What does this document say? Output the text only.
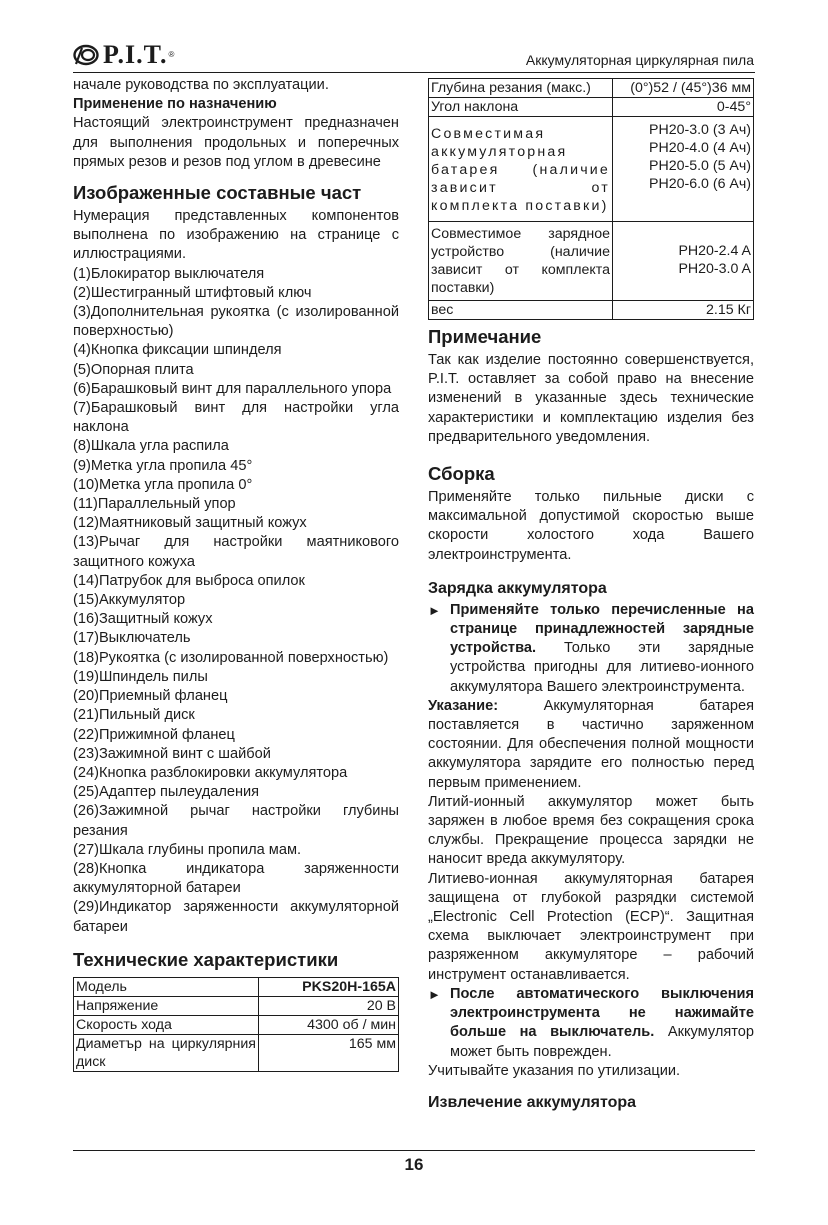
P.I.T. ®	Аккумуляторная циркулярная пила

начале руководства по эксплуатации.

Применение по назначению

Настоящий электроинструмент предназначен для выполнения продольных и поперечных прямых резов и резов под углом в древесине

Изображенные составные част

Нумерация представленных компонентов выполнена по изображению на странице с иллюстрациями.

(1)Блокиратор выключателя

(2)Шестигранный штифтовый ключ

(3)Дополнительная рукоятка (с изолированной поверхностью)

(4)Кнопка фиксации шпинделя

(5)Опорная плита

(6)Барашковый винт для параллельного упора

(7)Барашковый винт для настройки угла наклона

(8)Шкала угла распила

(9)Метка угла пропила 45°

(10)Метка угла пропила 0°

(11)Параллельный упор

(12)Маятниковый защитный кожух

(13)Рычаг для настройки маятникового защитного кожуха

(14)Патрубок для выброса опилок

(15)Аккумулятор

(16)Защитный кожух

(17)Выключатель

(18)Рукоятка (с изолированной поверхностью)

(19)Шпиндель пилы

(20)Приемный фланец

(21)Пильный диск

(22)Прижимной фланец

(23)Зажимной винт с шайбой

(24)Кнопка разблокировки аккумулятора

(25)Адаптер пылеудаления

(26)Зажимной рычаг настройки глубины резания

(27)Шкала глубины пропила мам.

(28)Кнопка индикатора заряженности аккумуляторной батареи

(29)Индикатор заряженности аккумуляторной батареи

Технические характеристики
Модель	PKS20H-165A
Напряжение	20 В
Скорость хода	4300 об / мин
Диаметър на циркулярния диск	165 мм
Глубина резания (макс.)	(0°)52 / (45°)36 мм
Угол наклона	0-45°
Совместимая аккумуляторная батарея (наличие зависит от комплекта поставки)	PH20-3.0 (3 Ач)
PH20-4.0 (4 Ач)
PH20-5.0 (5 Ач)
PH20-6.0 (6 Ач)

Совместимое зарядное устройство (наличие зависит от комплекта поставки)	PH20-2.4 A
PH20-3.0 A

вес	2.15 Кг
Примечание

Так как изделие постоянно совершенствуется, P.I.T. оставляет за собой право на внесение изменений в указанные здесь технические характеристики и комплектацию изделия без предварительного уведомления.

Сборка

Применяйте только пильные диски с максимальной допустимой скоростью выше скорости холостого хода Вашего электроинструмента.

Зарядка аккумулятора
► Применяйте только перечисленные на странице принадлежностей зарядные устройства. Только эти зарядные устройства пригодны для литиево-ионного аккумулятора Вашего электроинструмента.

Указание: Аккумуляторная батарея поставляется в частично заряженном состоянии. Для обеспечения полной мощности аккумулятора зарядите его полностью перед первым применением.

Литий-ионный аккумулятор может быть заряжен в любое время без сокращения срока службы. Прекращение процесса зарядки не наносит вреда аккумулятору.

Литиево-ионная аккумуляторная батарея защищена от глубокой разрядки системой „Electronic Cell Protection (ECP)“. Защитная схема выключает электроинструмент при разряженном аккумуляторе – рабочий инструмент останавливается.

► После автоматического выключения электроинструмента не нажимайте больше на выключатель. Аккумулятор может быть поврежден.

Учитывайте указания по утилизации.

Извлечение аккумулятора
16
